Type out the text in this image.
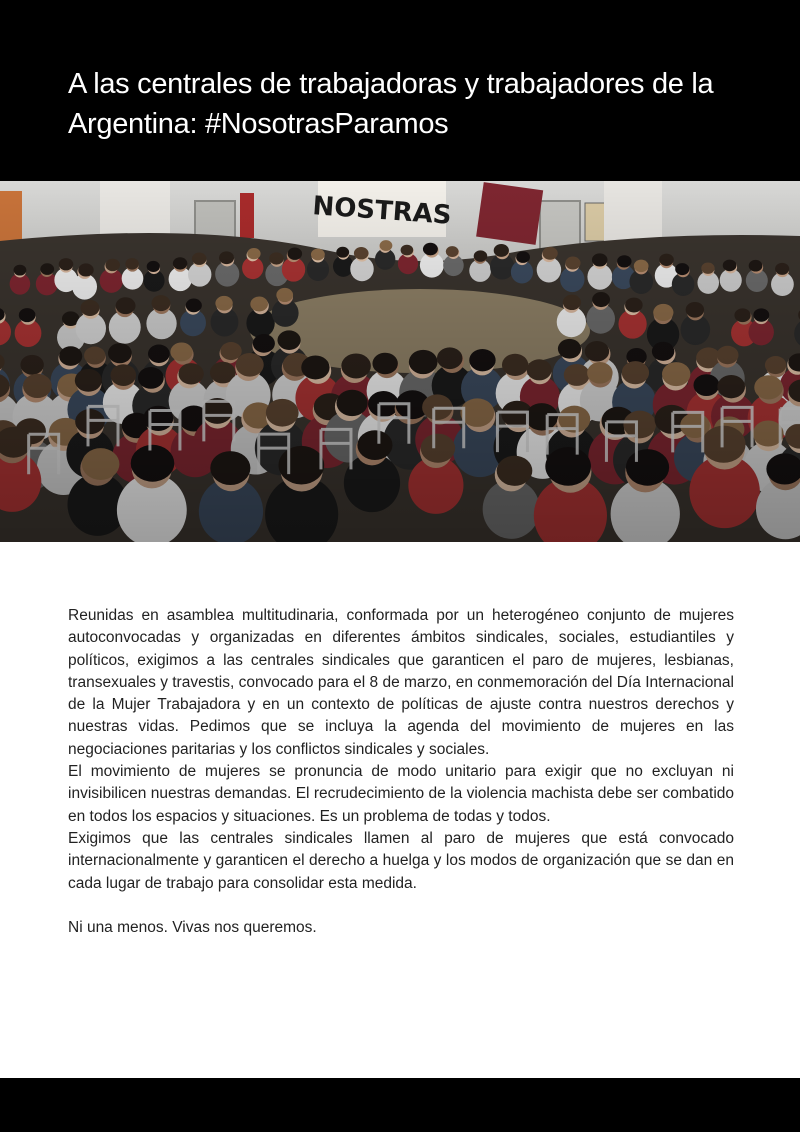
A las centrales de trabajadoras y trabajadores de la Argentina: #NosotrasParamos

Reunidas en asamblea multitudinaria, conformada por un heterogéneo conjunto de mujeres autoconvocadas y organizadas en diferentes ámbitos sindicales, sociales, estudiantiles y políticos, exigimos a las centrales sindicales que garanticen el paro de mujeres, lesbianas, transexuales y travestis, convocado para el 8 de marzo, en conmemoración del Día Internacional de la Mujer Trabajadora y en un contexto de políticas de ajuste contra nuestros derechos y nuestras vidas. Pedimos que se incluya la agenda del movimiento de mujeres en las negociaciones paritarias y los conflictos sindicales y sociales.

El movimiento de mujeres se pronuncia de modo unitario para exigir que no excluyan ni invisibilicen nuestras demandas. El recrudecimiento de la violencia machista debe ser combatido en todos los espacios y situaciones. Es un problema de todas y todos.

Exigimos que las centrales sindicales llamen al paro de mujeres que está convocado internacionalmente y garanticen el derecho a huelga y los modos de organización que se dan en cada lugar de trabajo para consolidar esta medida.

Ni una menos. Vivas nos queremos.
